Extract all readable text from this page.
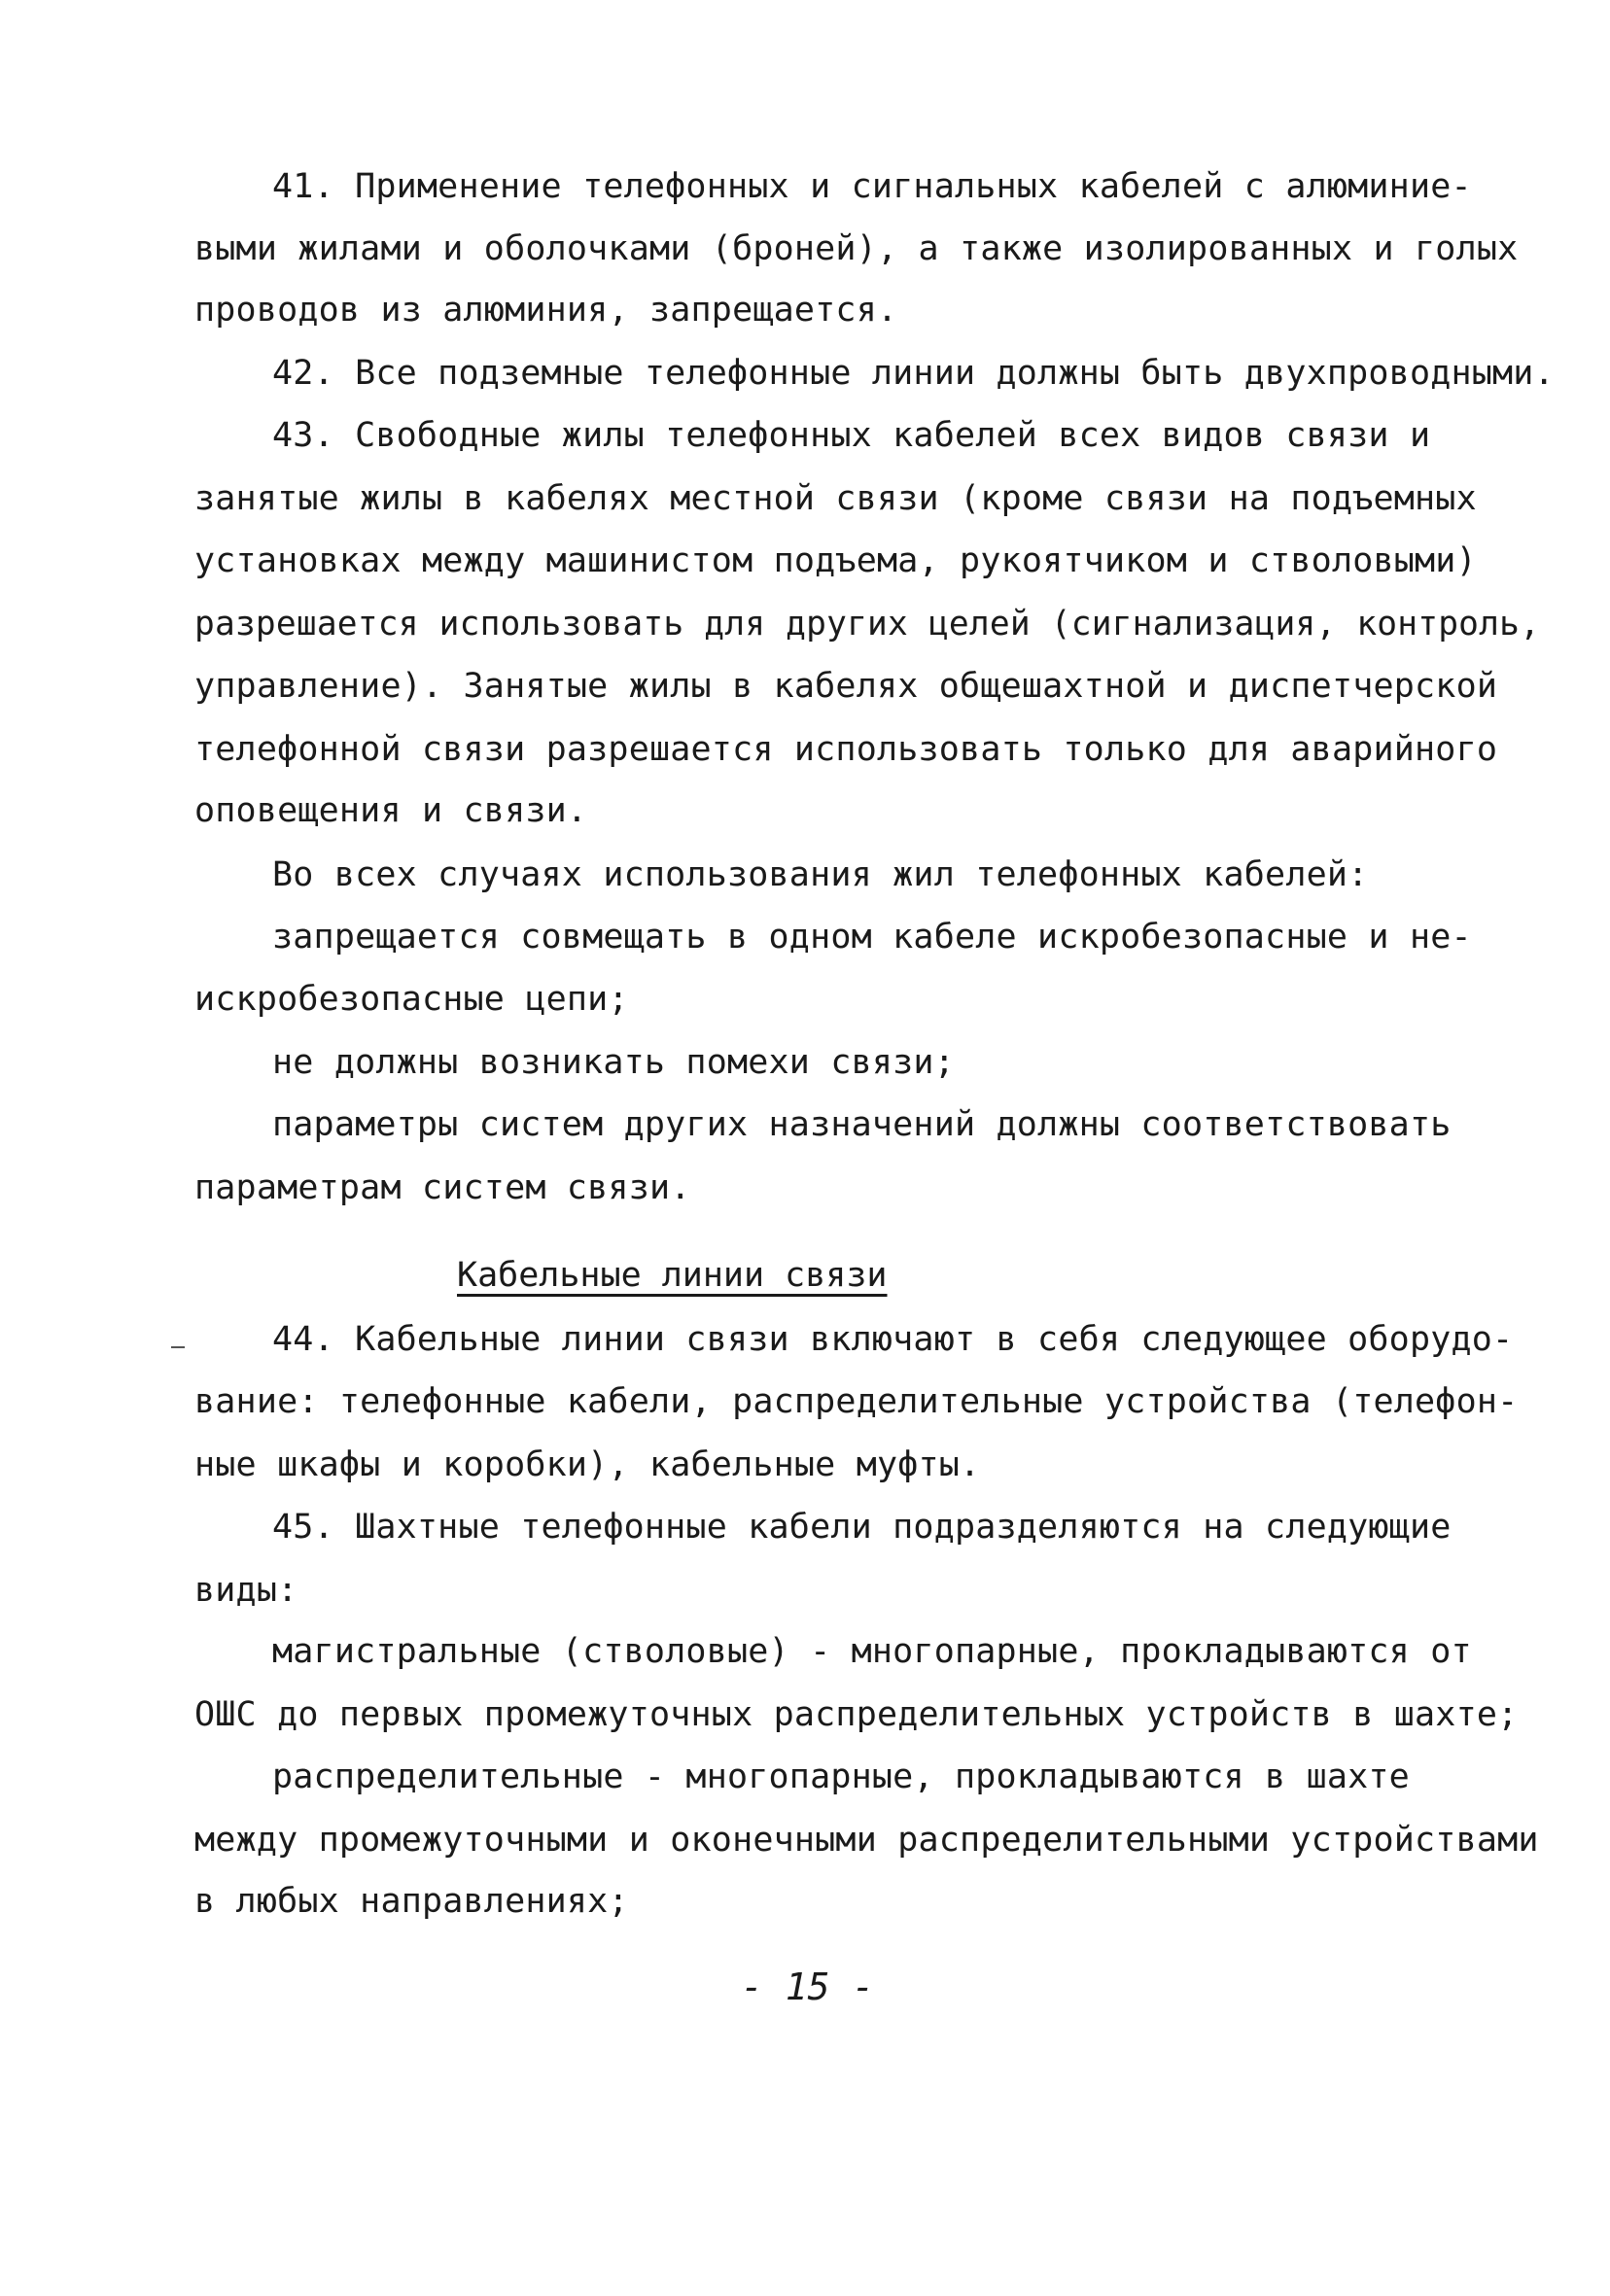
41. Применение телефонных и сигнальных кабелей с алюминие-
выми жилами и оболочками (броней), а также изолированных и голых
проводов из алюминия, запрещается.
42. Все подземные телефонные линии должны быть двухпроводными.
43. Свободные жилы телефонных кабелей всех видов связи и
занятые жилы в кабелях местной связи (кроме связи на подъемных
установках между машинистом подъема, рукоятчиком и стволовыми)
разрешается использовать для других целей (сигнализация, контроль,
управление). Занятые жилы в кабелях общешахтной и диспетчерской
телефонной связи разрешается использовать только для аварийного
оповещения и связи.
Во всех случаях использования жил телефонных кабелей:
запрещается совмещать в одном кабеле искробезопасные и не-
искробезопасные цепи;
не должны возникать помехи связи;
параметры систем других назначений должны соответствовать
параметрам систем связи.
Кабельные линии связи
44. Кабельные линии связи включают в себя следующее оборудо-
вание: телефонные кабели, распределительные устройства (телефон-
ные шкафы и коробки), кабельные муфты.
45. Шахтные телефонные кабели подразделяются на следующие
виды:
магистральные (стволовые) - многопарные, прокладываются от
ОШС до первых промежуточных распределительных устройств в шахте;
распределительные - многопарные, прокладываются в шахте
между промежуточными и оконечными распределительными устройствами
в любых направлениях;
- 15 -
